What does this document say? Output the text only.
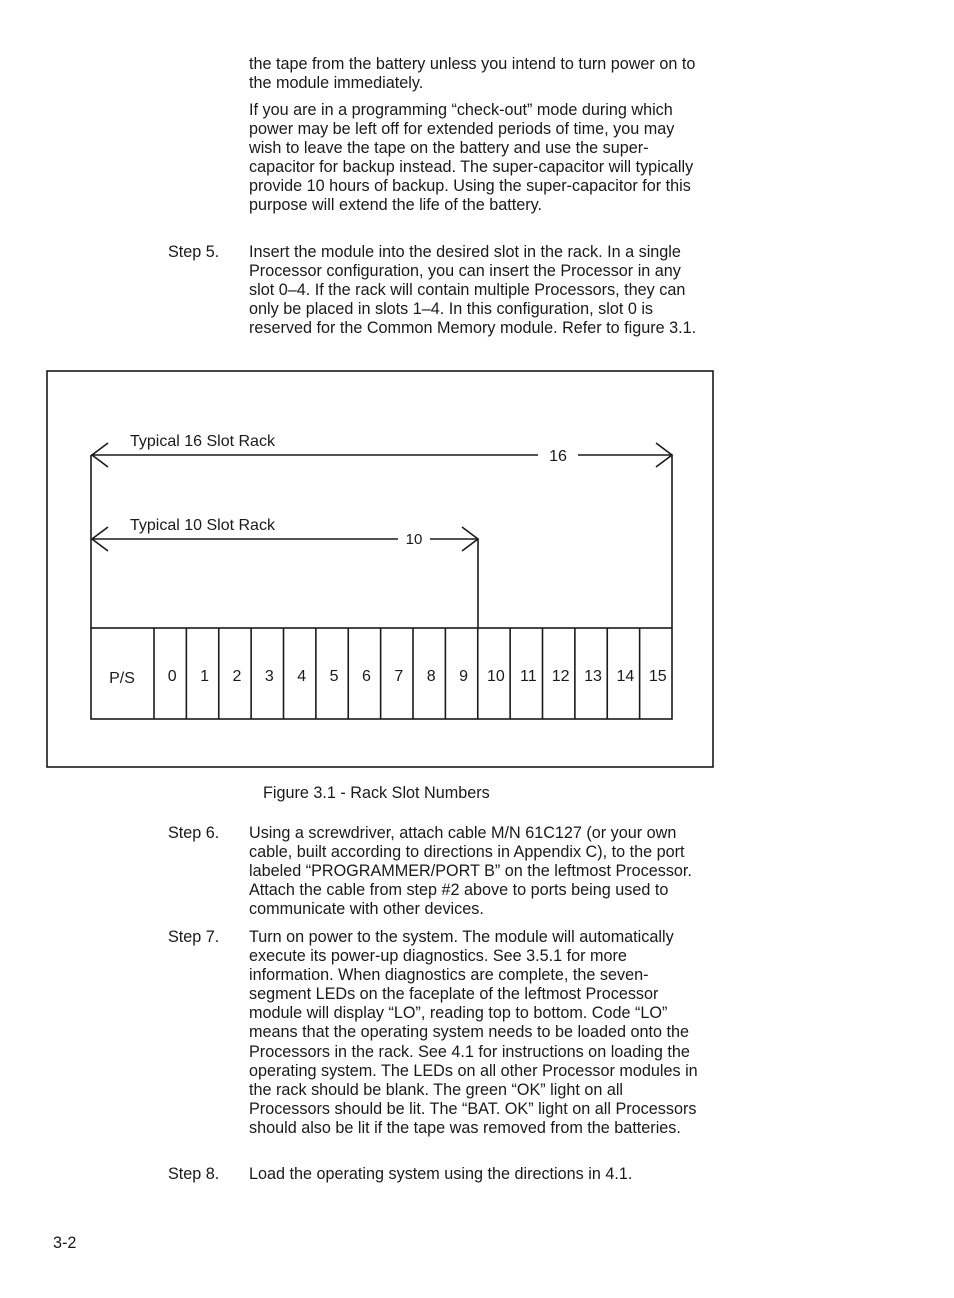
the tape from the battery unless you intend to turn power on to the module immediately.

If you are in a programming “check-out” mode during which power may be left off for extended periods of time, you may wish to leave the tape on the battery and use the super-capacitor for backup instead. The super-capacitor will typically provide 10 hours of backup. Using the super-capacitor for this purpose will extend the life of the battery.

Step 5. Insert the module into the desired slot in the rack. In a single Processor configuration, you can insert the Processor in any slot 0–4. If the rack will contain multiple Processors, they can only be placed in slots 1–4. In this configuration, slot 0 is reserved for the Common Memory module. Refer to figure 3.1.

Typical 16 Slot Rack
16
Typical 10 Slot Rack
10
P/S 0 1 2 3 4 5 6 7 8 9 10 11 12 13 14 15
Figure 3.1 - Rack Slot Numbers
Step 6. Using a screwdriver, attach cable M/N 61C127 (or your own cable, built according to directions in Appendix C), to the port labeled “PROGRAMMER/PORT B” on the leftmost Processor. Attach the cable from step #2 above to ports being used to communicate with other devices.

Step 7. Turn on power to the system. The module will automatically execute its power-up diagnostics. See 3.5.1 for more information. When diagnostics are complete, the seven-segment LEDs on the faceplate of the leftmost Processor module will display “LO”, reading top to bottom. Code “LO” means that the operating system needs to be loaded onto the Processors in the rack. See 4.1 for instructions on loading the operating system. The LEDs on all other Processor modules in the rack should be blank. The green “OK” light on all Processors should be lit. The “BAT. OK” light on all Processors should also be lit if the tape was removed from the batteries.

Step 8. Load the operating system using the directions in 4.1.

3-2
